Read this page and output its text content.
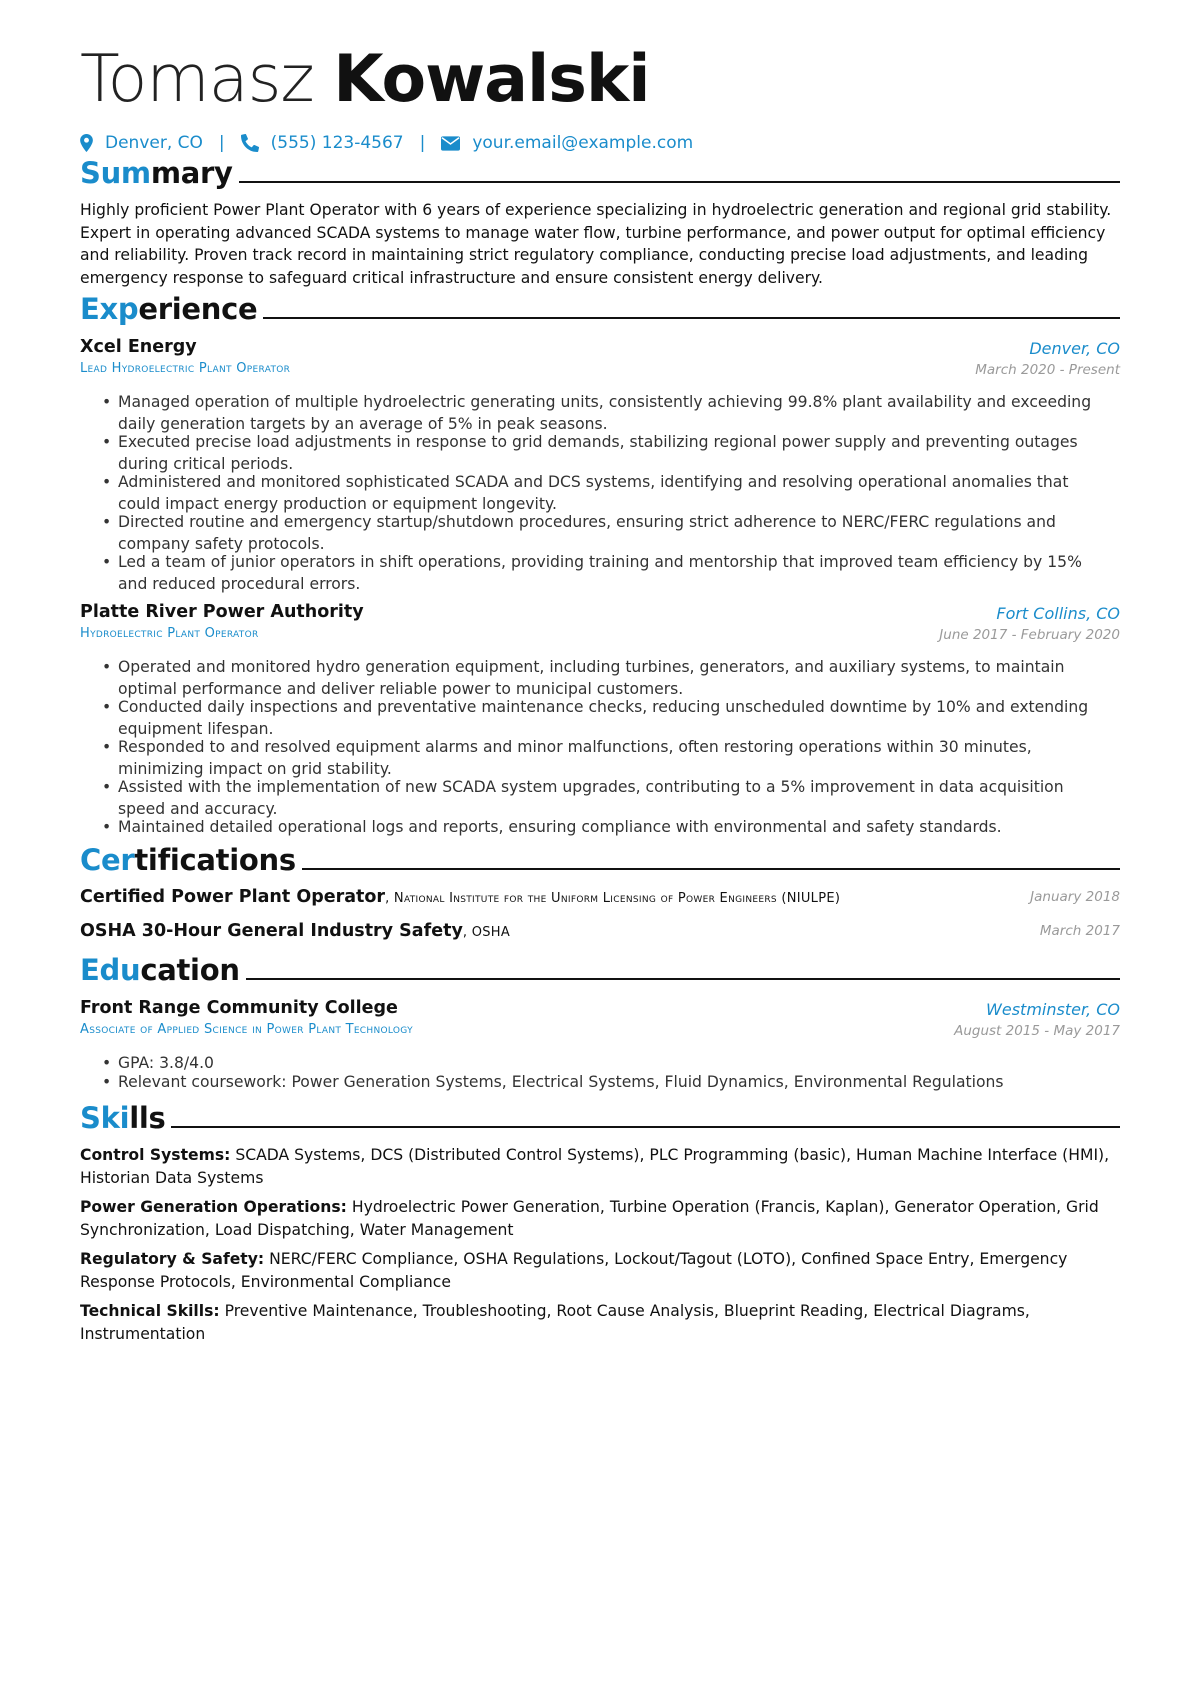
Tomasz Kowalski
Denver, CO |	(555) 123-4567 |	your.email@example.com
Summary
Highly proficient Power Plant Operator with 6 years of experience specializing in hydroelectric generation and regional grid stability. Expert in operating advanced SCADA systems to manage water flow, turbine performance, and power output for optimal efficiency and reliability. Proven track record in maintaining strict regulatory compliance, conducting precise load adjustments, and leading emergency response to safeguard critical infrastructure and ensure consistent energy delivery.
Experience
Xcel Energy	Denver, CO
Lead Hydroelectric Plant Operator	March 2020 - Present
• Managed operation of multiple hydroelectric generating units, consistently achieving 99.8% plant availability and exceeding daily generation targets by an average of 5% in peak seasons.
• Executed precise load adjustments in response to grid demands, stabilizing regional power supply and preventing outages during critical periods.
• Administered and monitored sophisticated SCADA and DCS systems, identifying and resolving operational anomalies that could impact energy production or equipment longevity.
• Directed routine and emergency startup/shutdown procedures, ensuring strict adherence to NERC/FERC regulations and company safety protocols.
• Led a team of junior operators in shift operations, providing training and mentorship that improved team efficiency by 15% and reduced procedural errors.
Platte River Power Authority	Fort Collins, CO
Hydroelectric Plant Operator	June 2017 - February 2020
• Operated and monitored hydro generation equipment, including turbines, generators, and auxiliary systems, to maintain optimal performance and deliver reliable power to municipal customers.
• Conducted daily inspections and preventative maintenance checks, reducing unscheduled downtime by 10% and extending equipment lifespan.
• Responded to and resolved equipment alarms and minor malfunctions, often restoring operations within 30 minutes, minimizing impact on grid stability.
• Assisted with the implementation of new SCADA system upgrades, contributing to a 5% improvement in data acquisition speed and accuracy.
• Maintained detailed operational logs and reports, ensuring compliance with environmental and safety standards.
Certifications
Certified Power Plant Operator, National Institute for the Uniform Licensing of Power Engineers (NIULPE)	January 2018
OSHA 30-Hour General Industry Safety, OSHA	March 2017
Education
Front Range Community College	Westminster, CO
Associate of Applied Science in Power Plant Technology	August 2015 - May 2017
• GPA: 3.8/4.0
• Relevant coursework: Power Generation Systems, Electrical Systems, Fluid Dynamics, Environmental Regulations
Skills
Control Systems: SCADA Systems, DCS (Distributed Control Systems), PLC Programming (basic), Human Machine Interface (HMI), Historian Data Systems
Power Generation Operations: Hydroelectric Power Generation, Turbine Operation (Francis, Kaplan), Generator Operation, Grid Synchronization, Load Dispatching, Water Management
Regulatory & Safety: NERC/FERC Compliance, OSHA Regulations, Lockout/Tagout (LOTO), Confined Space Entry, Emergency Response Protocols, Environmental Compliance
Technical Skills: Preventive Maintenance, Troubleshooting, Root Cause Analysis, Blueprint Reading, Electrical Diagrams, Instrumentation
